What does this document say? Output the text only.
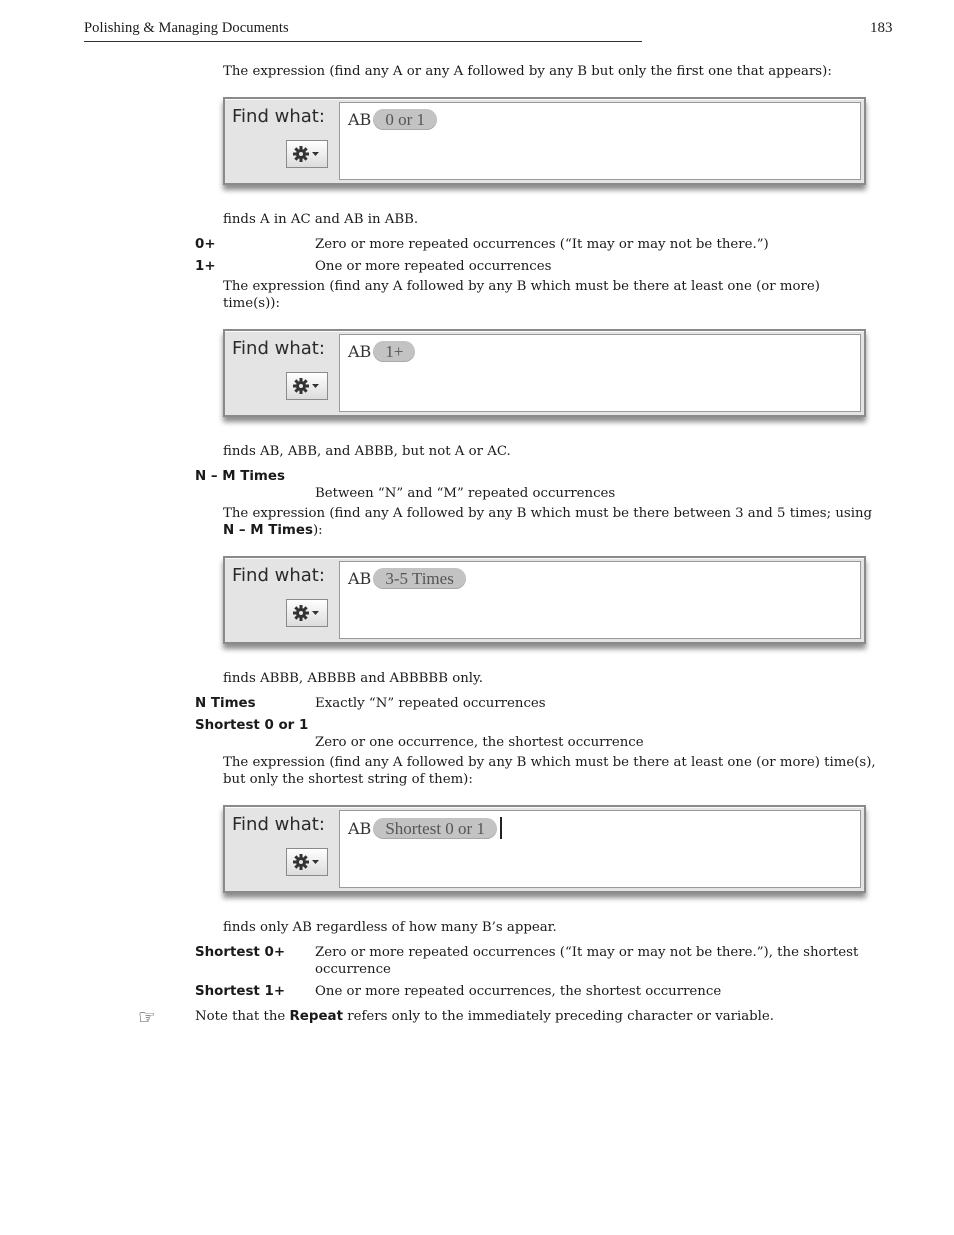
Polishing & Managing Documents	183
The expression (find any A or any A followed by any B but only the first one that appears):
Find what: AB 0 or 1
finds A in AC and AB in ABB.
0+	Zero or more repeated occurrences (“It may or may not be there.”)
1+	One or more repeated occurrences
The expression (find any A followed by any B which must be there at least one (or more)
time(s)):
Find what: AB 1+
finds AB, ABB, and ABBB, but not A or AC.
N – M Times
Between “N” and “M” repeated occurrences
The expression (find any A followed by any B which must be there between 3 and 5 times; using
N – M Times):
Find what: AB 3-5 Times
finds ABBB, ABBBB and ABBBBB only.
N Times	Exactly “N” repeated occurrences
Shortest 0 or 1
Zero or one occurrence, the shortest occurrence
The expression (find any A followed by any B which must be there at least one (or more) time(s),
but only the shortest string of them):
Find what: AB Shortest 0 or 1
finds only AB regardless of how many B’s appear.
Shortest 0+ Zero or more repeated occurrences (“It may or may not be there.”), the shortest
occurrence
Shortest 1+ One or more repeated occurrences, the shortest occurrence
☞	Note that the Repeat refers only to the immediately preceding character or variable.
